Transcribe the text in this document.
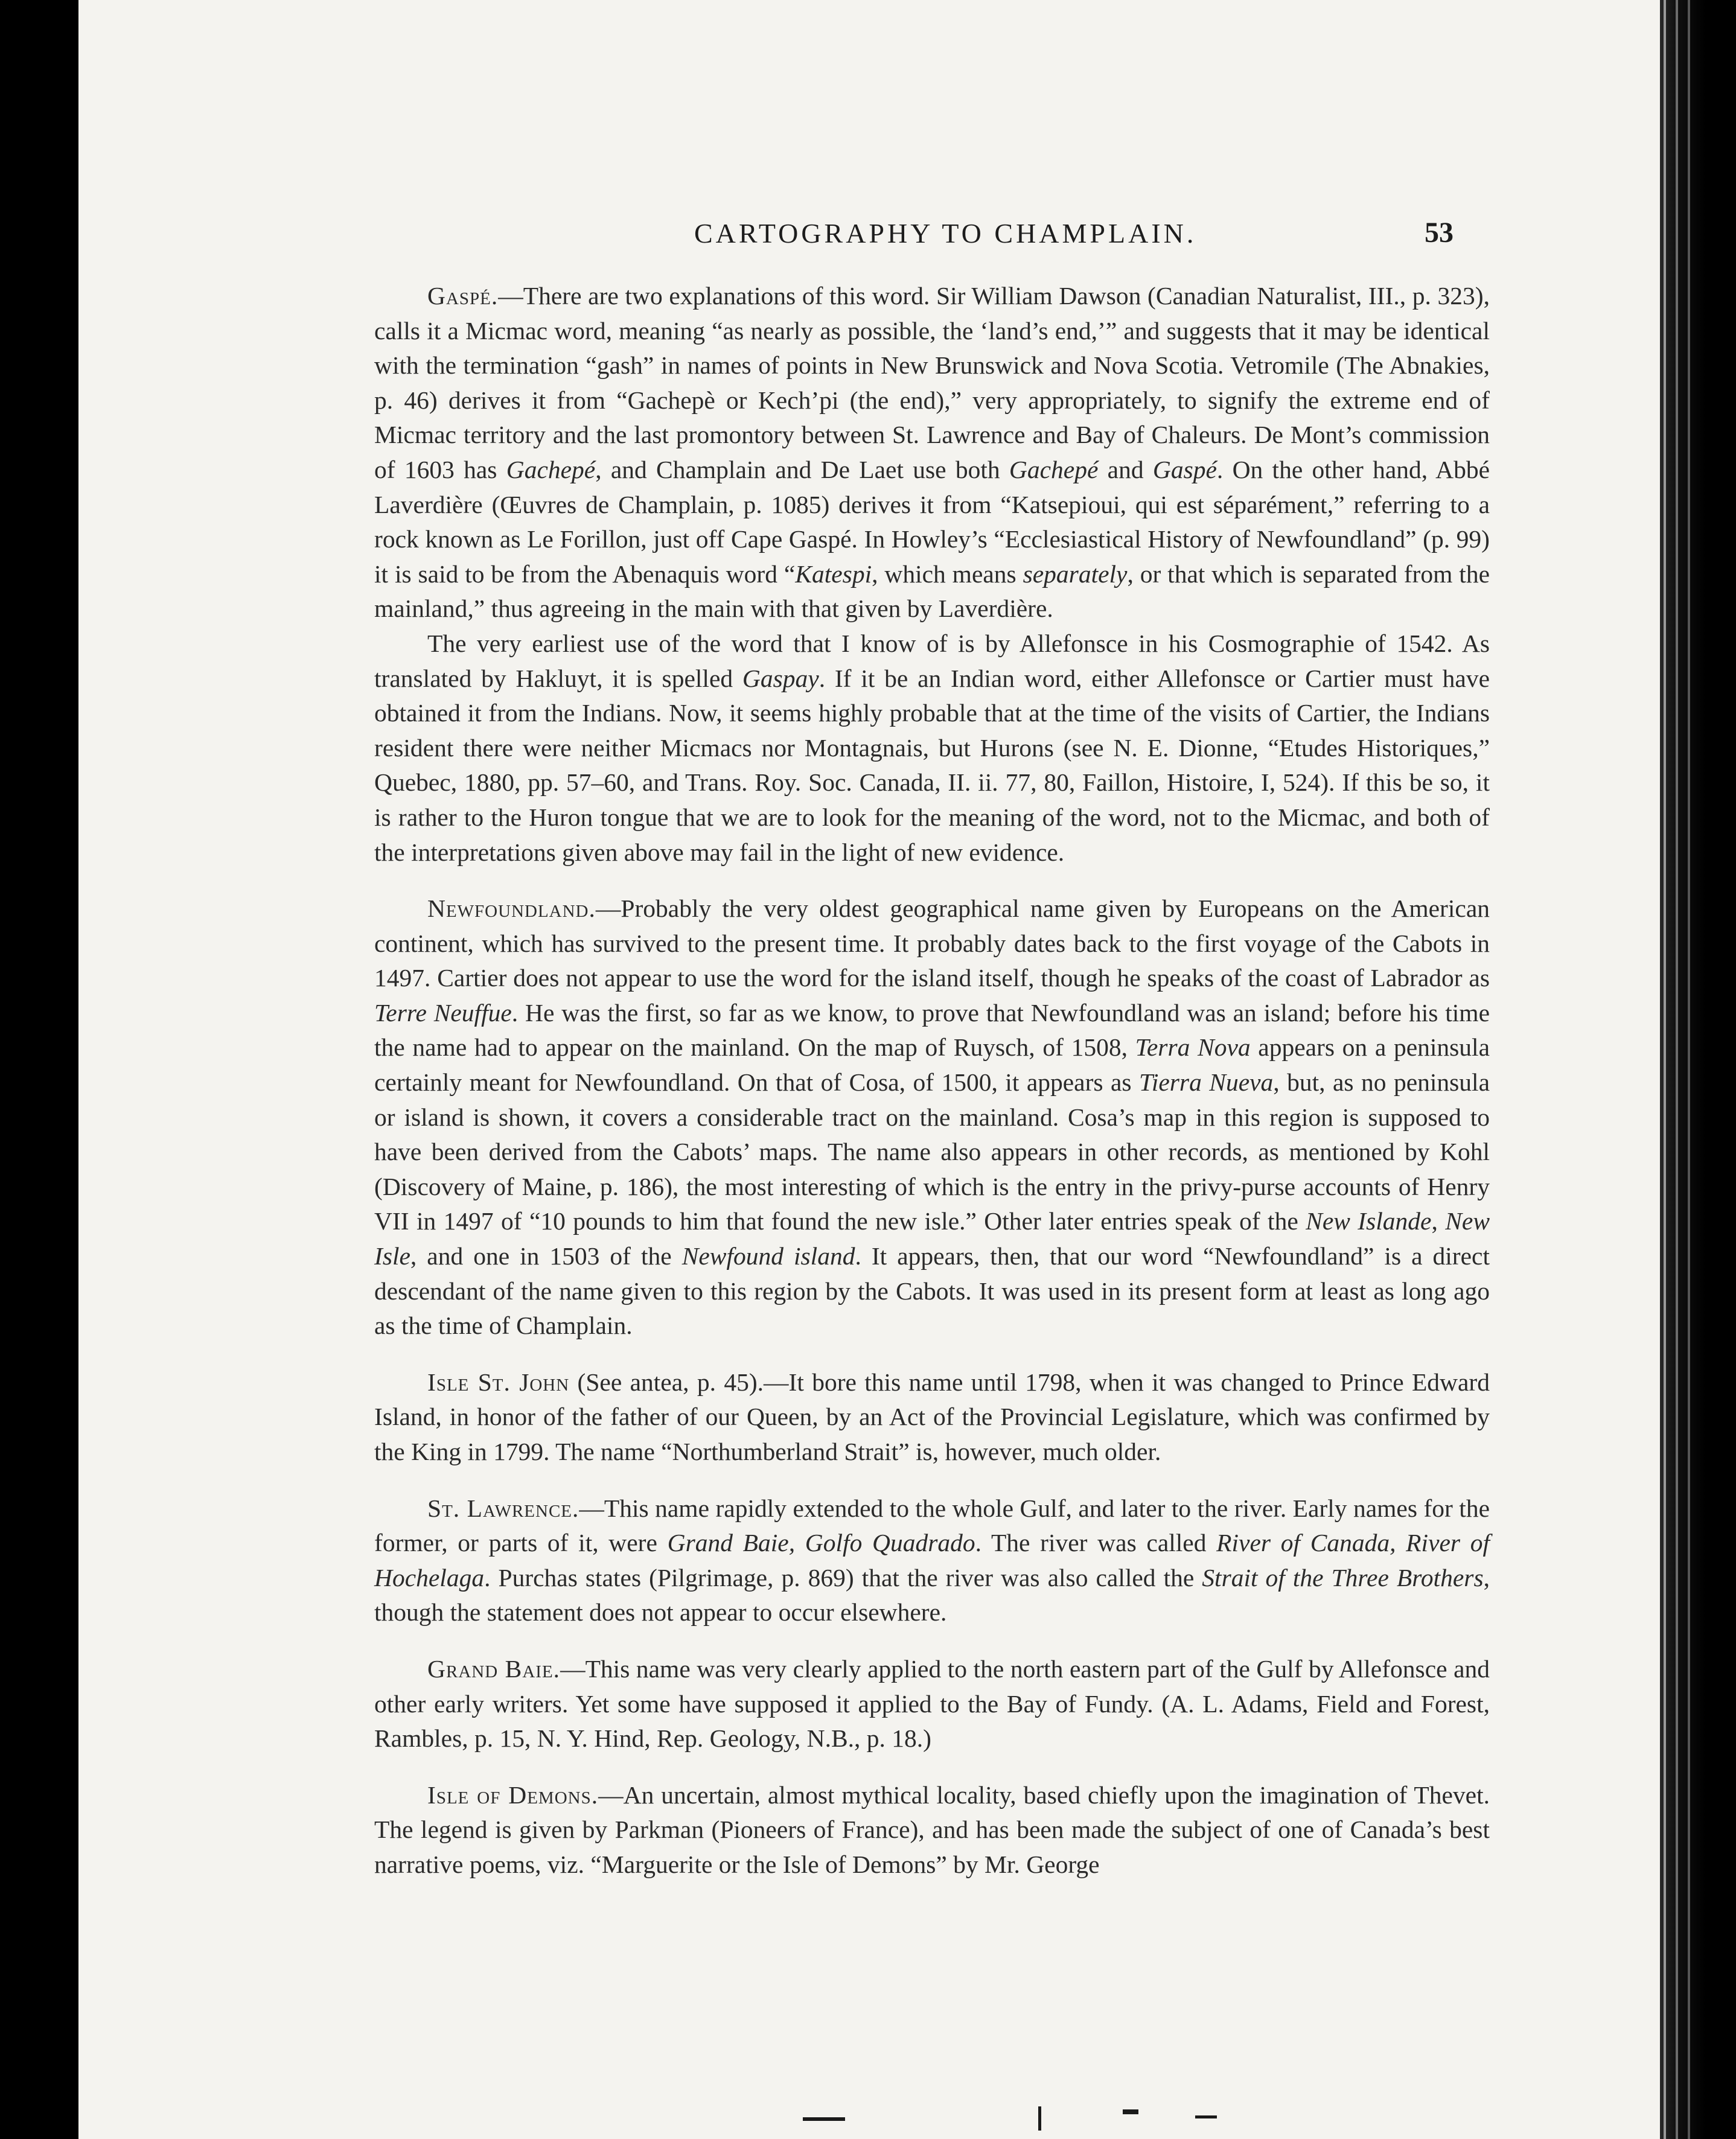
CARTOGRAPHY TO CHAMPLAIN.	53

Gaspé.—There are two explanations of this word. Sir William Dawson (Canadian Naturalist, III., p. 323), calls it a Micmac word, meaning “as nearly as possible, the ‘land’s end,’” and suggests that it may be identical with the termination “gash” in names of points in New Brunswick and Nova Scotia. Vetromile (The Abnakies, p. 46) derives it from “Gachepè or Kech’pi (the end),” very appropriately, to signify the extreme end of Micmac territory and the last promontory between St. Lawrence and Bay of Chaleurs. De Mont’s commission of 1603 has Gachepé, and Champlain and De Laet use both Gachepé and Gaspé. On the other hand, Abbé Laverdière (Œuvres de Champlain, p. 1085) derives it from “Katsepioui, qui est séparément,” referring to a rock known as Le Forillon, just off Cape Gaspé. In Howley’s “Ecclesiastical History of Newfoundland” (p. 99) it is said to be from the Abenaquis word “Katespi, which means separately, or that which is separated from the mainland,” thus agreeing in the main with that given by Laverdière.

The very earliest use of the word that I know of is by Allefonsce in his Cosmographie of 1542. As translated by Hakluyt, it is spelled Gaspay. If it be an Indian word, either Allefonsce or Cartier must have obtained it from the Indians. Now, it seems highly probable that at the time of the visits of Cartier, the Indians resident there were neither Micmacs nor Montagnais, but Hurons (see N. E. Dionne, “Etudes Historiques,” Quebec, 1880, pp. 57–60, and Trans. Roy. Soc. Canada, II. ii. 77, 80, Faillon, Histoire, I, 524). If this be so, it is rather to the Huron tongue that we are to look for the meaning of the word, not to the Micmac, and both of the interpretations given above may fail in the light of new evidence.

Newfoundland.—Probably the very oldest geographical name given by Europeans on the American continent, which has survived to the present time. It probably dates back to the first voyage of the Cabots in 1497. Cartier does not appear to use the word for the island itself, though he speaks of the coast of Labrador as Terre Neuffue. He was the first, so far as we know, to prove that Newfoundland was an island; before his time the name had to appear on the mainland. On the map of Ruysch, of 1508, Terra Nova appears on a peninsula certainly meant for Newfoundland. On that of Cosa, of 1500, it appears as Tierra Nueva, but, as no peninsula or island is shown, it covers a considerable tract on the mainland. Cosa’s map in this region is supposed to have been derived from the Cabots’ maps. The name also appears in other records, as mentioned by Kohl (Discovery of Maine, p. 186), the most interesting of which is the entry in the privy-purse accounts of Henry VII in 1497 of “10 pounds to him that found the new isle.” Other later entries speak of the New Islande, New Isle, and one in 1503 of the Newfound island. It appears, then, that our word “Newfoundland” is a direct descendant of the name given to this region by the Cabots. It was used in its present form at least as long ago as the time of Champlain.

Isle St. John (See antea, p. 45).—It bore this name until 1798, when it was changed to Prince Edward Island, in honor of the father of our Queen, by an Act of the Provincial Legislature, which was confirmed by the King in 1799. The name “Northumberland Strait” is, however, much older.

St. Lawrence.—This name rapidly extended to the whole Gulf, and later to the river. Early names for the former, or parts of it, were Grand Baie, Golfo Quadrado. The river was called River of Canada, River of Hochelaga. Purchas states (Pilgrimage, p. 869) that the river was also called the Strait of the Three Brothers, though the statement does not appear to occur elsewhere.

Grand Baie.—This name was very clearly applied to the north eastern part of the Gulf by Allefonsce and other early writers. Yet some have supposed it applied to the Bay of Fundy. (A. L. Adams, Field and Forest, Rambles, p. 15, N. Y. Hind, Rep. Geology, N.B., p. 18.)

Isle of Demons.—An uncertain, almost mythical locality, based chiefly upon the imagination of Thevet. The legend is given by Parkman (Pioneers of France), and has been made the subject of one of Canada’s best narrative poems, viz. “Marguerite or the Isle of Demons” by Mr. George
